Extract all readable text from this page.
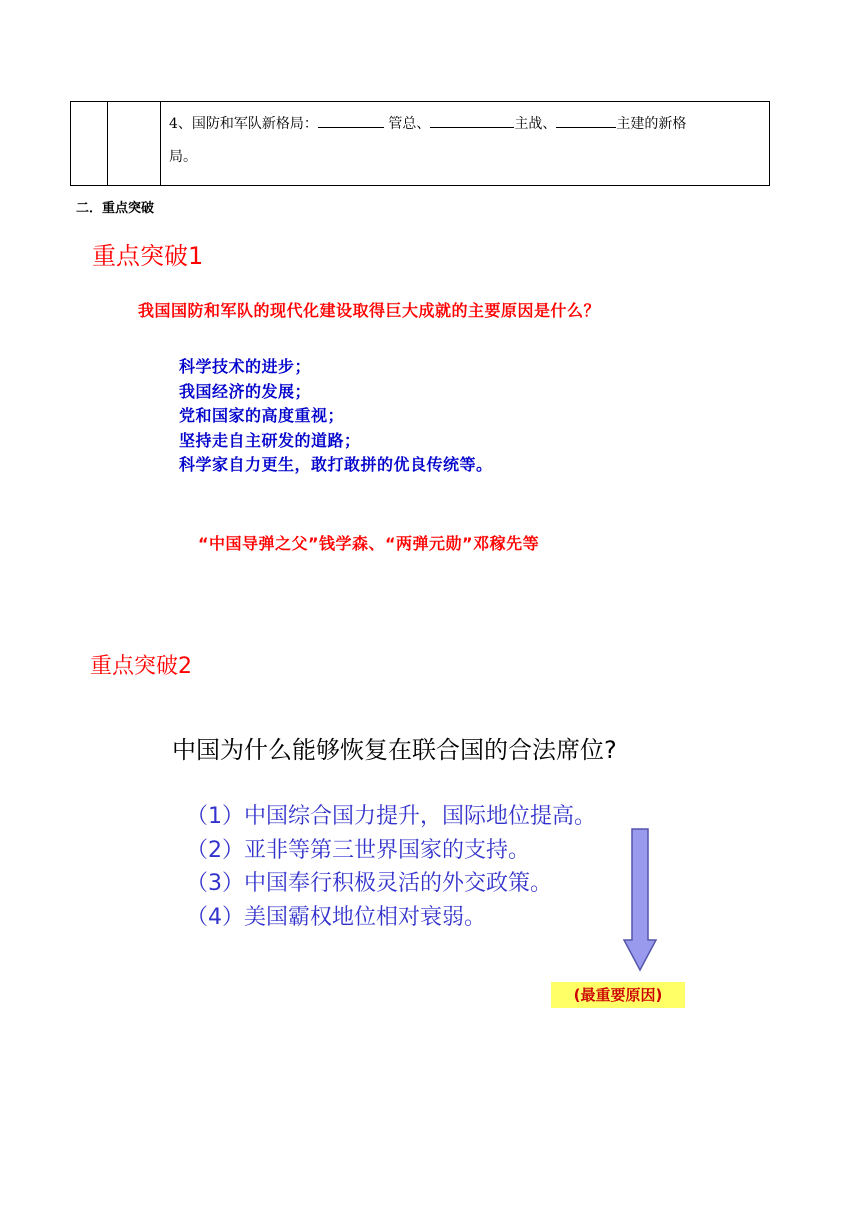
4、国防和军队新格局：	管总、	主战、	主建的新格
局。
二．重点突破
重点突破1
我国国防和军队的现代化建设取得巨大成就的主要原因是什么？
科学技术的进步；
我国经济的发展；
党和国家的高度重视；
坚持走自主研发的道路；
科学家自力更生，敢打敢拼的优良传统等。
“中国导弹之父”钱学森、“两弹元勋”邓稼先等
重点突破2
中国为什么能够恢复在联合国的合法席位?
（1）中国综合国力提升，国际地位提高。
（2）亚非等第三世界国家的支持。
（3）中国奉行积极灵活的外交政策。
（4）美国霸权地位相对衰弱。
(最重要原因)
